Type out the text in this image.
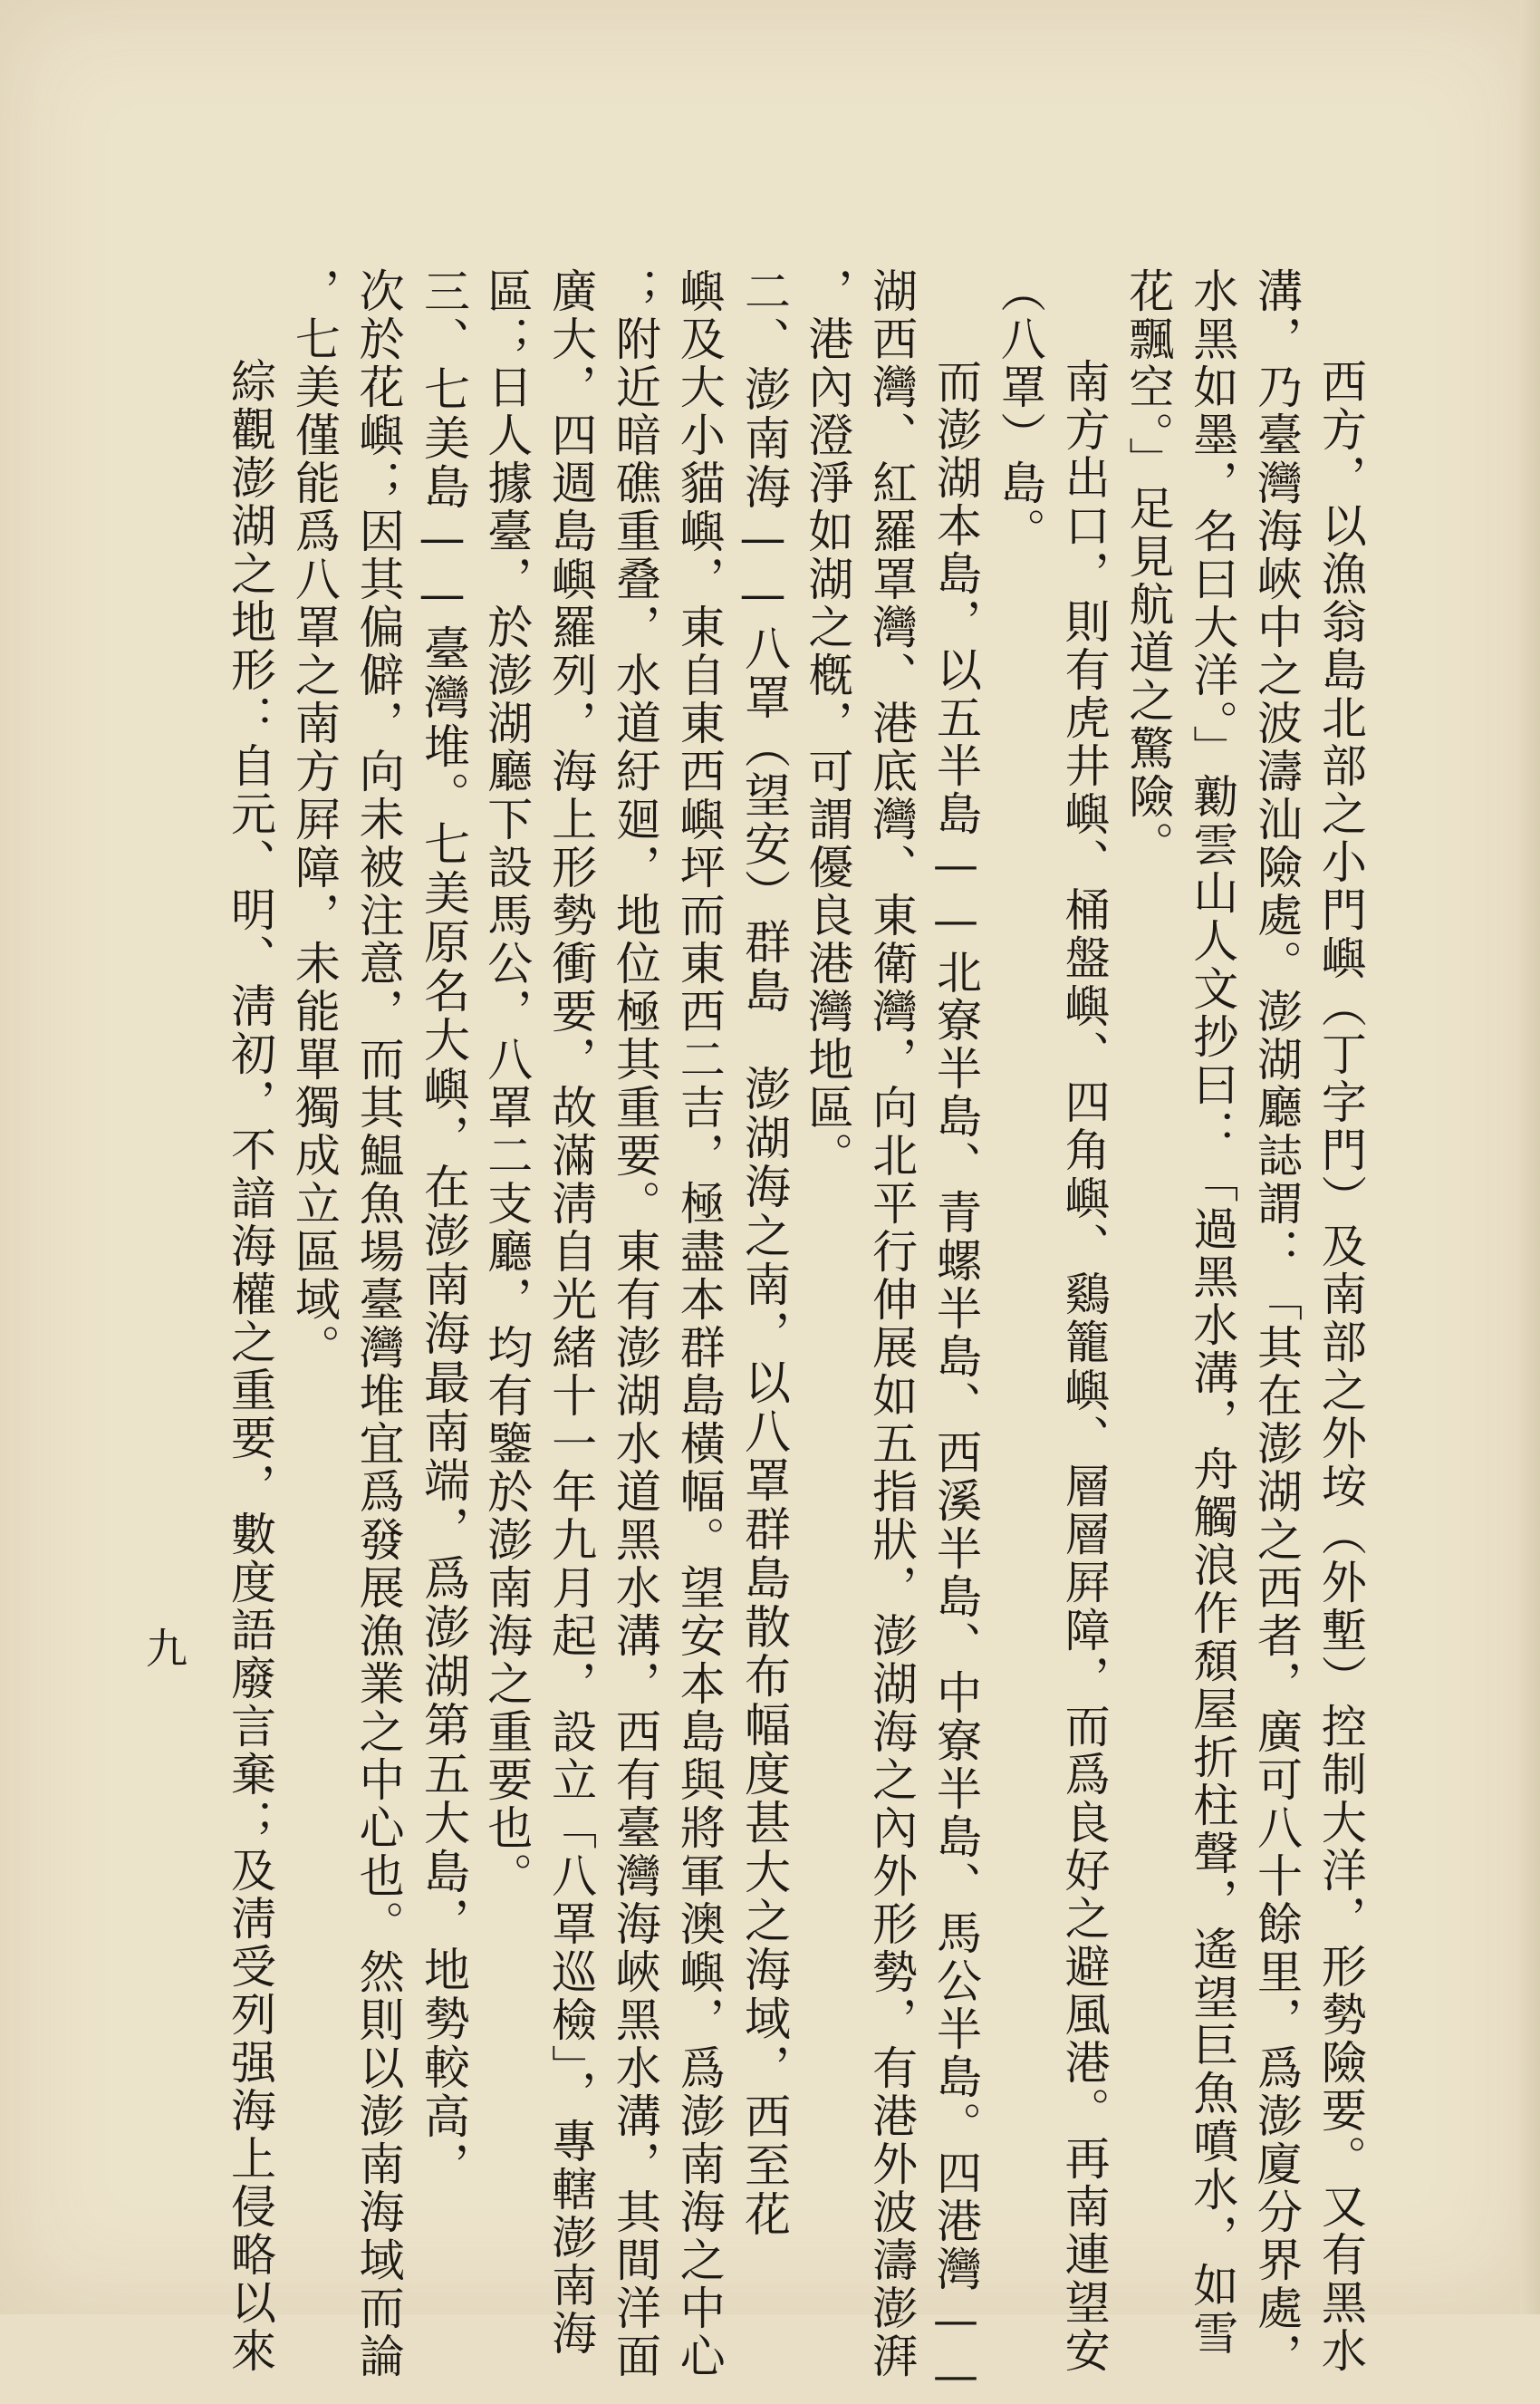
西方，以漁翁島北部之小門嶼（丁字門）及南部之外垵（外塹）控制大洋，形勢險要。又有黑水
溝，乃臺灣海峽中之波濤汕險處。澎湖廳誌謂：「其在澎湖之西者，廣可八十餘里，爲澎廈分界處，
水黑如墨，名曰大洋。」勷雲山人文抄曰：「過黑水溝，舟觸浪作頹屋折柱聲，遙望巨魚噴水，如雪
花飄空。」足見航道之驚險。
南方出口，則有虎井嶼、桶盤嶼、四角嶼、鷄籠嶼、層層屛障，而爲良好之避風港。再南連望安
（八罩）島。
而澎湖本島，以五半島——北寮半島、青螺半島、西溪半島、中寮半島、馬公半島。四港灣——
湖西灣、紅羅罩灣、港底灣、東衛灣，向北平行伸展如五指狀，澎湖海之內外形勢，有港外波濤澎湃
，港內澄淨如湖之槪，可謂優良港灣地區。
二、澎南海——八罩（望安）群島　澎湖海之南，以八罩群島散布幅度甚大之海域，西至花
嶼及大小貓嶼，東自東西嶼坪而東西二吉，極盡本群島橫幅。望安本島與將軍澳嶼，爲澎南海之中心
；附近暗礁重叠，水道紆廻，地位極其重要。東有澎湖水道黑水溝，西有臺灣海峽黑水溝，其間洋面
廣大，四週島嶼羅列，海上形勢衝要，故滿淸自光緒十一年九月起，設立「八罩巡檢」，專轄澎南海
區；日人據臺，於澎湖廳下設馬公，八罩二支廳，均有鑒於澎南海之重要也。
三、七美島——臺灣堆。七美原名大嶼，在澎南海最南端，爲澎湖第五大島，地勢較高，
次於花嶼；因其偏僻，向未被注意，而其鰛魚場臺灣堆宜爲發展漁業之中心也。然則以澎南海域而論
，七美僅能爲八罩之南方屛障，未能單獨成立區域。
綜觀澎湖之地形：自元、明、淸初，不諳海權之重要，數度語廢言棄；及淸受列强海上侵略以來
九
